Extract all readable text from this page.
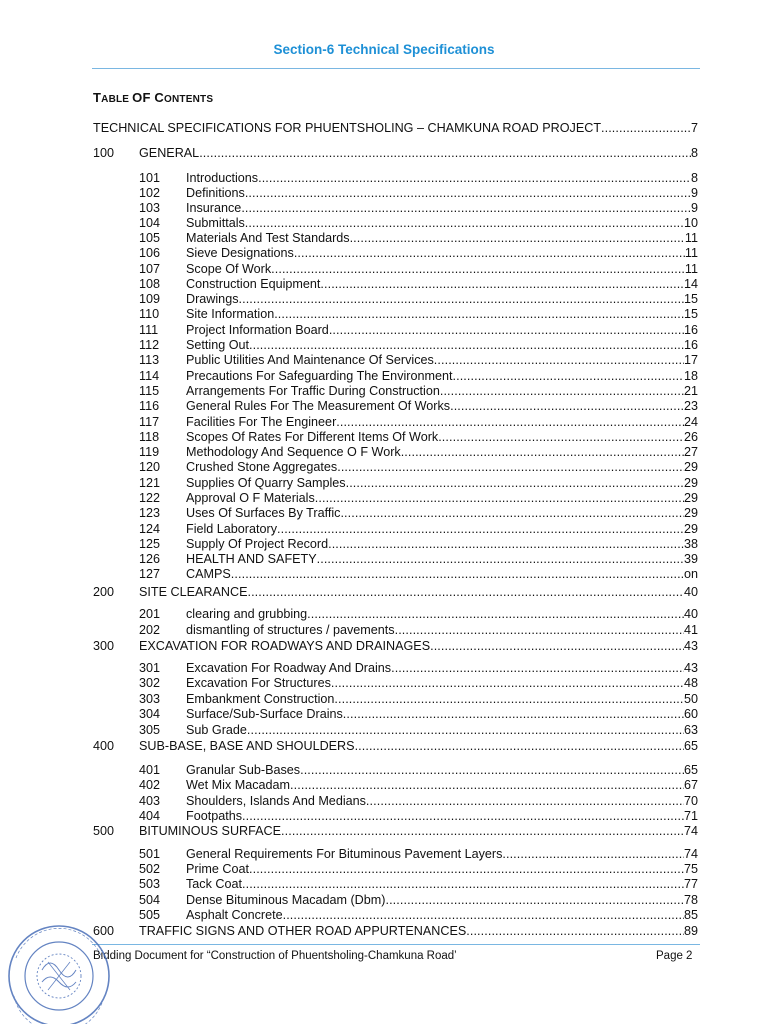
Section-6 Technical Specifications
TABLE OF CONTENTS
TECHNICAL SPECIFICATIONS FOR PHUENTSHOLING – CHAMKUNA ROAD PROJECT .....	7
100	GENERAL .....	8
101	Introductions .....	8
102	Definitions .....	9
103	Insurance .....	9
104	Submittals .....	10
105	Materials And Test Standards .....	11
106	Sieve Designations .....	11
107	Scope Of Work .....	11
108	Construction Equipment .....	14
109	Drawings .....	15
110	Site Information .....	15
111	Project Information Board .....	16
112	Setting Out .....	16
113	Public Utilities And Maintenance Of Services .....	17
114	Precautions For Safeguarding The Environment .....	18
115	Arrangements For Traffic During Construction .....	21
116	General Rules For The Measurement Of Works .....	23
117	Facilities For The Engineer .....	24
118	Scopes Of Rates For Different Items Of Work .....	26
119	Methodology And Sequence O F Work .....	27
120	Crushed Stone Aggregates .....	29
121	Supplies Of Quarry Samples .....	29
122	Approval O F Materials .....	29
123	Uses Of Surfaces By Traffic .....	29
124	Field Laboratory .....	29
125	Supply Of Project Record .....	38
126	HEALTH AND SAFETY .....	39
127	CAMPS .....	on
200	SITE CLEARANCE .....	40
201	clearing and grubbing .....	40
202	dismantling of structures / pavements .....	41
300	EXCAVATION FOR ROADWAYS AND DRAINAGES .....	43
301	Excavation For Roadway And Drains .....	43
302	Excavation For Structures .....	48
303	Embankment Construction .....	50
304	Surface/Sub-Surface Drains .....	60
305	Sub Grade .....	63
400	SUB-BASE, BASE AND SHOULDERS .....	65
401	Granular Sub-Bases .....	65
402	Wet Mix Macadam .....	67
403	Shoulders, Islands And Medians .....	70
404	Footpaths .....	71
500	BITUMINOUS SURFACE .....	74
501	General Requirements For Bituminous Pavement Layers .....	74
502	Prime Coat .....	75
503	Tack Coat .....	77
504	Dense Bituminous Macadam (Dbm) .....	78
505	Asphalt Concrete .....	85
600	TRAFFIC SIGNS AND OTHER ROAD APPURTENANCES .....	89
Bidding Document for “Construction of Phuentsholing-Chamkuna Road’	Page 2
